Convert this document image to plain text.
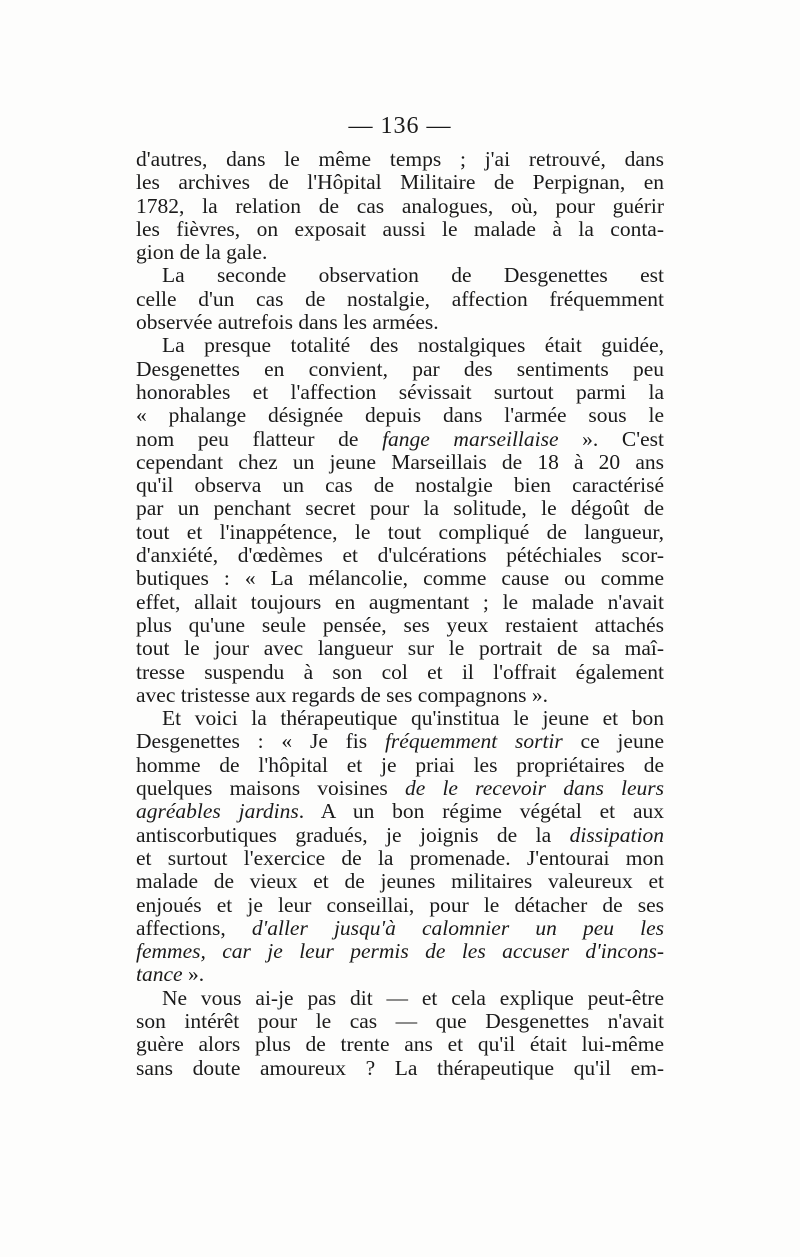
— 136 —
d'autres, dans le même temps ; j'ai retrouvé, dans
les archives de l'Hôpital Militaire de Perpignan, en
1782, la relation de cas analogues, où, pour guérir
les fièvres, on exposait aussi le malade à la conta-
gion de la gale.
La seconde observation de Desgenettes est
celle d'un cas de nostalgie, affection fréquemment
observée autrefois dans les armées.
La presque totalité des nostalgiques était guidée,
Desgenettes en convient, par des sentiments peu
honorables et l'affection sévissait surtout parmi la
« phalange désignée depuis dans l'armée sous le
nom peu flatteur de fange marseillaise ». C'est
cependant chez un jeune Marseillais de 18 à 20 ans
qu'il observa un cas de nostalgie bien caractérisé
par un penchant secret pour la solitude, le dégoût de
tout et l'inappétence, le tout compliqué de langueur,
d'anxiété, d'œdèmes et d'ulcérations pétéchiales scor-
butiques : « La mélancolie, comme cause ou comme
effet, allait toujours en augmentant ; le malade n'avait
plus qu'une seule pensée, ses yeux restaient attachés
tout le jour avec langueur sur le portrait de sa maî-
tresse suspendu à son col et il l'offrait également
avec tristesse aux regards de ses compagnons ».
Et voici la thérapeutique qu'institua le jeune et bon
Desgenettes : « Je fis fréquemment sortir ce jeune
homme de l'hôpital et je priai les propriétaires de
quelques maisons voisines de le recevoir dans leurs
agréables jardins. A un bon régime végétal et aux
antiscorbutiques gradués, je joignis de la dissipation
et surtout l'exercice de la promenade. J'entourai mon
malade de vieux et de jeunes militaires valeureux et
enjoués et je leur conseillai, pour le détacher de ses
affections, d'aller jusqu'à calomnier un peu les
femmes, car je leur permis de les accuser d'incons-
tance ».
Ne vous ai-je pas dit — et cela explique peut-être
son intérêt pour le cas — que Desgenettes n'avait
guère alors plus de trente ans et qu'il était lui-même
sans doute amoureux ? La thérapeutique qu'il em-
